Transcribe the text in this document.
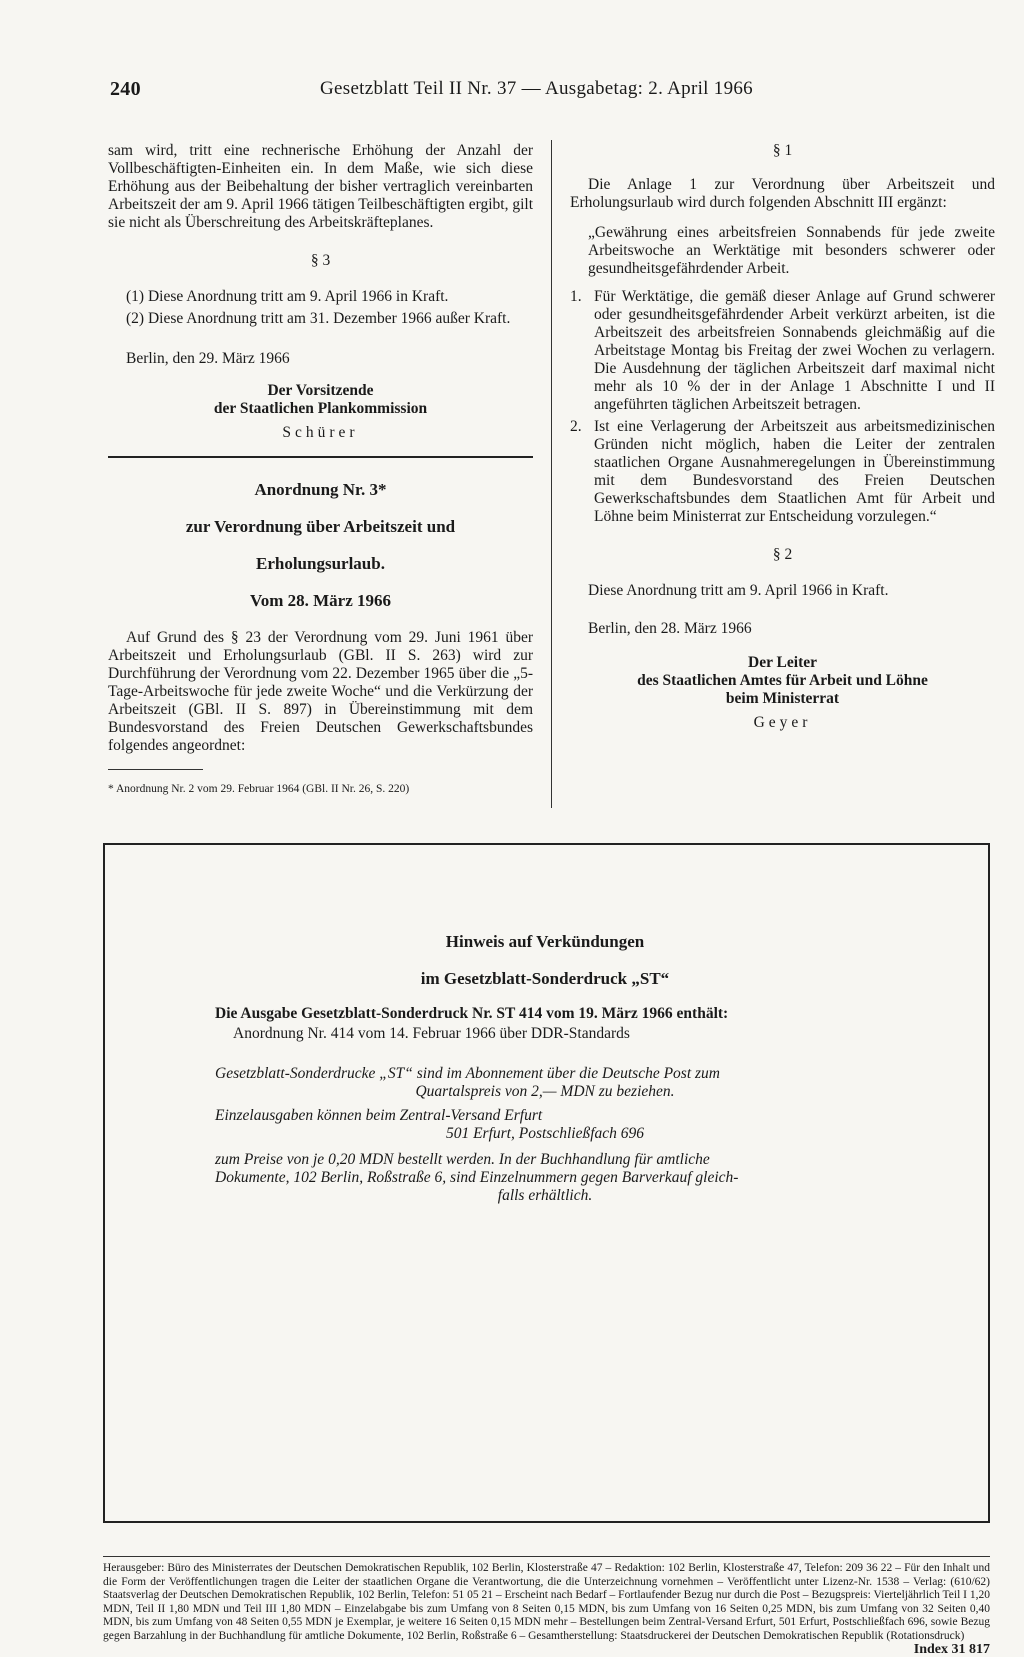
240	Gesetzblatt Teil II Nr. 37 — Ausgabetag: 2. April 1966

sam wird, tritt eine rechnerische Erhöhung der Anzahl der Vollbeschäftigten-Einheiten ein. In dem Maße, wie sich diese Erhöhung aus der Beibehaltung der bisher vertraglich vereinbarten Arbeitszeit der am 9. April 1966 tätigen Teilbeschäftigten ergibt, gilt sie nicht als Überschreitung des Arbeitskräfteplanes.

§ 3

(1) Diese Anordnung tritt am 9. April 1966 in Kraft.

(2) Diese Anordnung tritt am 31. Dezember 1966 außer Kraft.

Berlin, den 29. März 1966

Der Vorsitzende

der Staatlichen Plankommission

Schürer

Anordnung Nr. 3*

zur Verordnung über Arbeitszeit und

Erholungsurlaub.

Vom 28. März 1966

Auf Grund des § 23 der Verordnung vom 29. Juni 1961 über Arbeitszeit und Erholungsurlaub (GBl. II S. 263) wird zur Durchführung der Verordnung vom 22. Dezember 1965 über die „5-Tage-Arbeitswoche für jede zweite Woche“ und die Verkürzung der Arbeitszeit (GBl. II S. 897) in Übereinstimmung mit dem Bundesvorstand des Freien Deutschen Gewerkschaftsbundes folgendes angeordnet:

* Anordnung Nr. 2 vom 29. Februar 1964 (GBl. II Nr. 26, S. 220)

§ 1

Die Anlage 1 zur Verordnung über Arbeitszeit und Erholungsurlaub wird durch folgenden Abschnitt III ergänzt:

„Gewährung eines arbeitsfreien Sonnabends für jede zweite Arbeitswoche an Werktätige mit besonders schwerer oder gesundheitsgefährdender Arbeit.

1. Für Werktätige, die gemäß dieser Anlage auf Grund schwerer oder gesundheitsgefährdender Arbeit verkürzt arbeiten, ist die Arbeitszeit des arbeitsfreien Sonnabends gleichmäßig auf die Arbeitstage Montag bis Freitag der zwei Wochen zu verlagern. Die Ausdehnung der täglichen Arbeitszeit darf maximal nicht mehr als 10 % der in der Anlage 1 Abschnitte I und II angeführten täglichen Arbeitszeit betragen.
2. Ist eine Verlagerung der Arbeitszeit aus arbeitsmedizinischen Gründen nicht möglich, haben die Leiter der zentralen staatlichen Organe Ausnahmeregelungen in Übereinstimmung mit dem Bundesvorstand des Freien Deutschen Gewerkschaftsbundes dem Staatlichen Amt für Arbeit und Löhne beim Ministerrat zur Entscheidung vorzulegen.“

§ 2

Diese Anordnung tritt am 9. April 1966 in Kraft.

Berlin, den 28. März 1966

Der Leiter

des Staatlichen Amtes für Arbeit und Löhne

beim Ministerrat

Geyer

Hinweis auf Verkündungen

im Gesetzblatt-Sonderdruck „ST“

Die Ausgabe Gesetzblatt-Sonderdruck Nr. ST 414 vom 19. März 1966 enthält:

Anordnung Nr. 414 vom 14. Februar 1966 über DDR-Standards

Gesetzblatt-Sonderdrucke „ST“ sind im Abonnement über die Deutsche Post zum

Quartalspreis von 2,— MDN zu beziehen.

Einzelausgaben können beim Zentral-Versand Erfurt

501 Erfurt, Postschließfach 696

zum Preise von je 0,20 MDN bestellt werden. In der Buchhandlung für amtliche

Dokumente, 102 Berlin, Roßstraße 6, sind Einzelnummern gegen Barverkauf gleich-

falls erhältlich.

Herausgeber: Büro des Ministerrates der Deutschen Demokratischen Republik, 102 Berlin, Klosterstraße 47 – Redaktion: 102 Berlin, Klosterstraße 47, Telefon: 209 36 22 – Für den Inhalt und die Form der Veröffentlichungen tragen die Leiter der staatlichen Organe die Verantwortung, die die Unterzeichnung vornehmen – Veröffentlicht unter Lizenz-Nr. 1538 – Verlag: (610/62) Staatsverlag der Deutschen Demokratischen Republik, 102 Berlin, Telefon: 51 05 21 – Erscheint nach Bedarf – Fortlaufender Bezug nur durch die Post – Bezugspreis: Vierteljährlich Teil I 1,20 MDN, Teil II 1,80 MDN und Teil III 1,80 MDN – Einzelabgabe bis zum Umfang von 8 Seiten 0,15 MDN, bis zum Umfang von 16 Seiten 0,25 MDN, bis zum Umfang von 32 Seiten 0,40 MDN, bis zum Umfang von 48 Seiten 0,55 MDN je Exemplar, je weitere 16 Seiten 0,15 MDN mehr – Bestellungen beim Zentral-Versand Erfurt, 501 Erfurt, Postschließfach 696, sowie Bezug gegen Barzahlung in der Buchhandlung für amtliche Dokumente, 102 Berlin, Roßstraße 6 – Gesamtherstellung: Staatsdruckerei der Deutschen Demokratischen Republik (Rotationsdruck)
Index 31 817
